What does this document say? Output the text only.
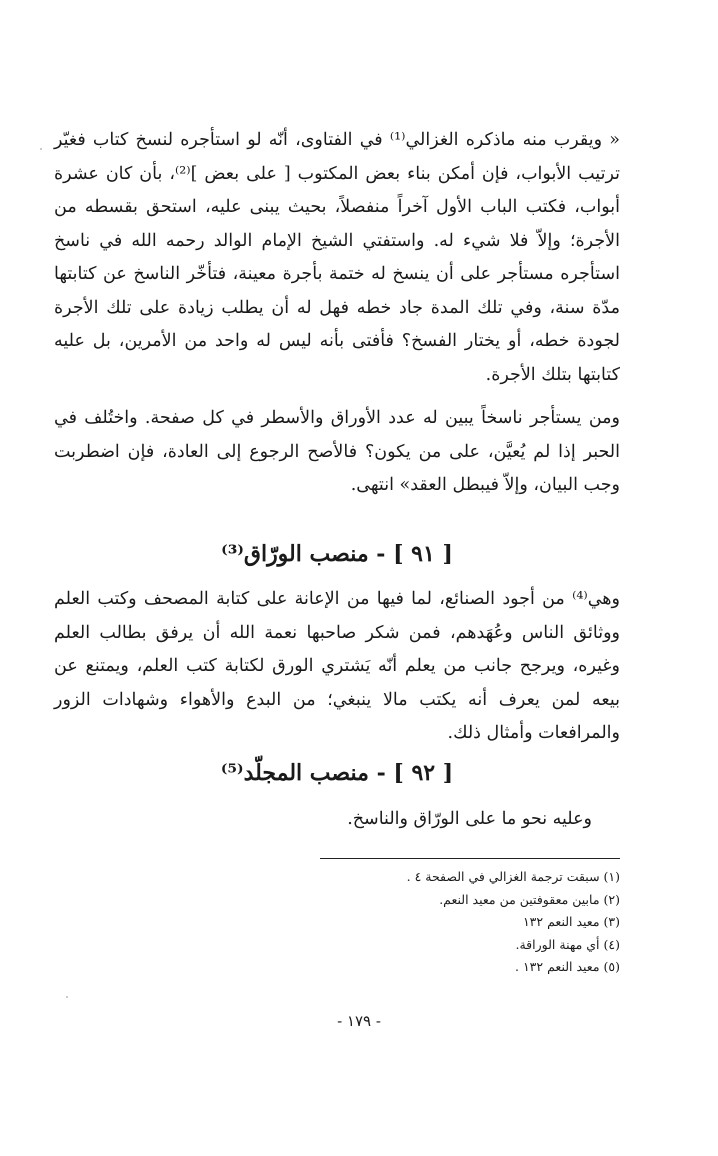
« ويقرب منه ماذكره الغزالي⁽¹⁾ في الفتاوى، أنّه لو استأجره لنسخ كتاب فغيّر ترتيب الأبواب، فإن أمكن بناء بعض المكتوب [ على بعض ]⁽²⁾، بأن كان عشرة أبواب، فكتب الباب الأول آخراً منفصلاً، بحيث يبنى عليه، استحق بقسطه من الأجرة؛ وإلاّ فلا شيء له. واستفتي الشيخ الإمام الوالد رحمه الله في ناسخ استأجره مستأجر على أن ينسخ له ختمة بأجرة معينة، فتأخّر الناسخ عن كتابتها مدّة سنة، وفي تلك المدة جاد خطه فهل له أن يطلب زيادة على تلك الأجرة لجودة خطه، أو يختار الفسخ؟ فأفتى بأنه ليس له واحد من الأمرين، بل عليه كتابتها بتلك الأجرة.

ومن يستأجر ناسخاً يبين له عدد الأوراق والأسطر في كل صفحة. واختُلف في الحبر إذا لم يُعيَّن، على من يكون؟ فالأصح الرجوع إلى العادة، فإن اضطربت وجب البيان، وإلاّ فيبطل العقد» انتهى.

[ ٩١ ] - منصب الورّاق⁽³⁾

وهي⁽⁴⁾ من أجود الصنائع، لما فيها من الإعانة على كتابة المصحف وكتب العلم ووثائق الناس وعُهَدهم، فمن شكر صاحبها نعمة الله أن يرفق بطالب العلم وغيره، ويرجح جانب من يعلم أنّه يَشتري الورق لكتابة كتب العلم، ويمتنع عن بيعه لمن يعرف أنه يكتب مالا ينبغي؛ من البدع والأهواء وشهادات الزور والمرافعات وأمثال ذلك.

[ ٩٢ ] - منصب المجلّد⁽⁵⁾

وعليه نحو ما على الورّاق والناسخ.

(١) سبقت ترجمة الغزالي في الصفحة ٤ .
(٢) مابين معقوفتين من معيد النعم.
(٣) معيد النعم ١٣٢
(٤) أي مهنة الوراقة.
(٥) معيد النعم ١٣٢ .
- ١٧٩ -
